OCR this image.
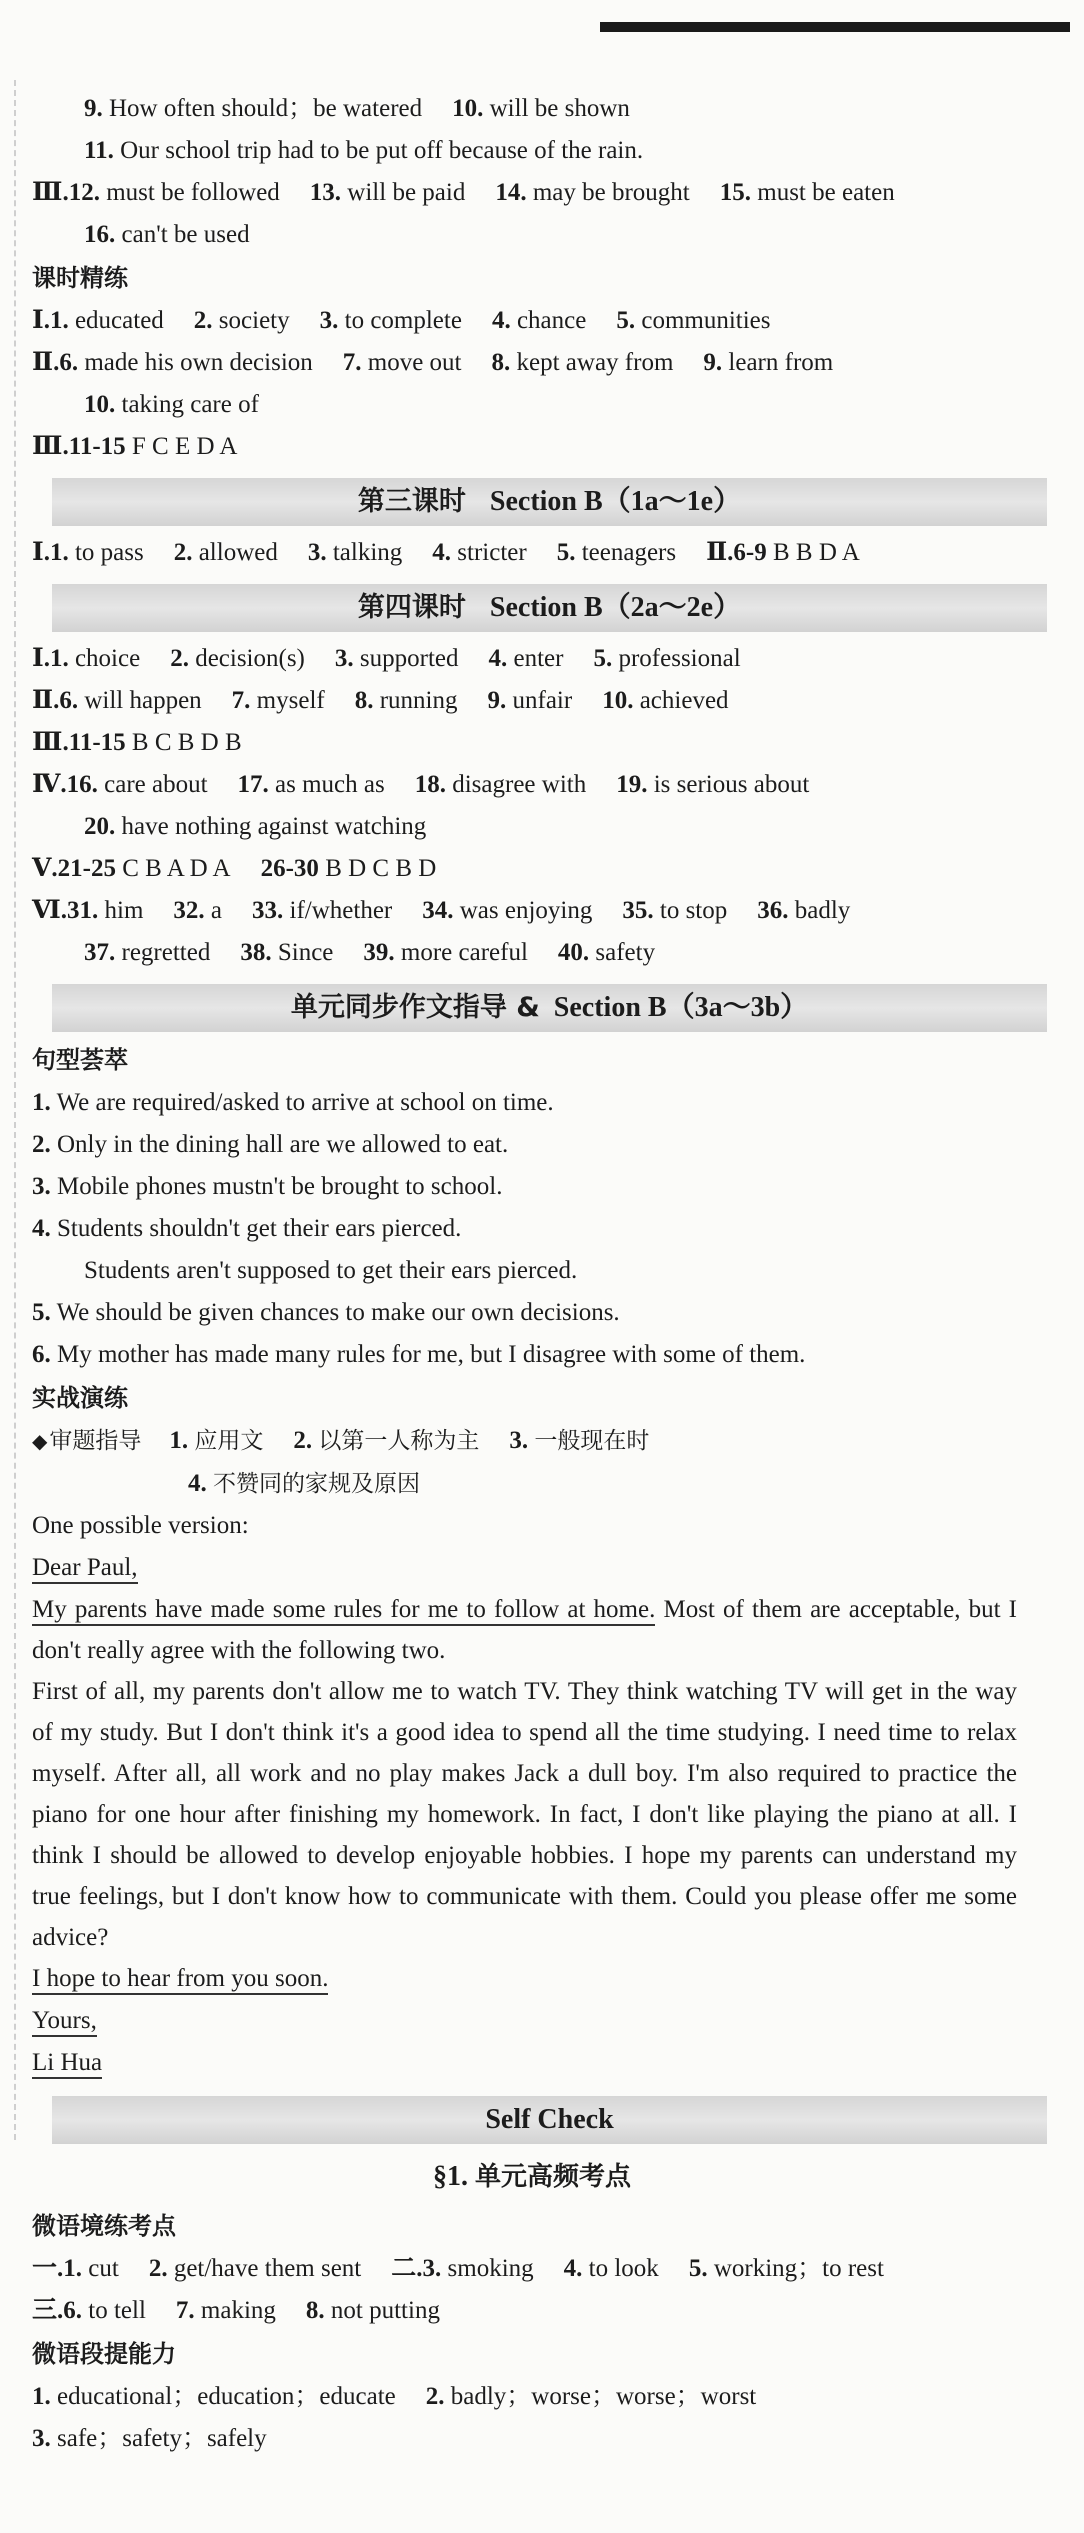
9. How often should；be watered 10. will be shown
11. Our school trip had to be put off because of the rain.
Ⅲ.12. must be followed 13. will be paid 14. may be brought 15. must be eaten
16. can't be used
课时精练
Ⅰ.1. educated 2. society 3. to complete 4. chance 5. communities
Ⅱ.6. made his own decision 7. move out 8. kept away from 9. learn from
10. taking care of
Ⅲ.11-15 F C E D A
第三课时 Section B（1a～1e）
Ⅰ.1. to pass 2. allowed 3. talking 4. stricter 5. teenagers Ⅱ.6-9 B B D A
第四课时 Section B（2a～2e）
Ⅰ.1. choice 2. decision(s) 3. supported 4. enter 5. professional
Ⅱ.6. will happen 7. myself 8. running 9. unfair 10. achieved
Ⅲ.11-15 B C B D B
Ⅳ.16. care about 17. as much as 18. disagree with 19. is serious about
20. have nothing against watching
Ⅴ.21-25 C B A D A 26-30 B D C B D
Ⅵ.31. him 32. a 33. if/whether 34. was enjoying 35. to stop 36. badly
37. regretted 38. Since 39. more careful 40. safety
单元同步作文指导 & Section B（3a～3b）
句型荟萃
1. We are required/asked to arrive at school on time.
2. Only in the dining hall are we allowed to eat.
3. Mobile phones mustn't be brought to school.
4. Students shouldn't get their ears pierced.
Students aren't supposed to get their ears pierced.
5. We should be given chances to make our own decisions.
6. My mother has made many rules for me, but I disagree with some of them.
实战演练
◆审题指导 1. 应用文 2. 以第一人称为主 3. 一般现在时
4. 不赞同的家规及原因
One possible version:
Dear Paul,
My parents have made some rules for me to follow at home. Most of them are acceptable, but I don't really agree with the following two.
First of all, my parents don't allow me to watch TV. They think watching TV will get in the way of my study. But I don't think it's a good idea to spend all the time studying. I need time to relax myself. After all, all work and no play makes Jack a dull boy. I'm also required to practice the piano for one hour after finishing my homework. In fact, I don't like playing the piano at all. I think I should be allowed to develop enjoyable hobbies. I hope my parents can understand my true feelings, but I don't know how to communicate with them. Could you please offer me some advice?
I hope to hear from you soon.
Yours,
Li Hua
Self Check
§1. 单元高频考点
微语境练考点
一.1. cut 2. get/have them sent 二.3. smoking 4. to look 5. working；to rest
三.6. to tell 7. making 8. not putting
微语段提能力
1. educational；education；educate 2. badly；worse；worse；worst
3. safe；safety；safely
